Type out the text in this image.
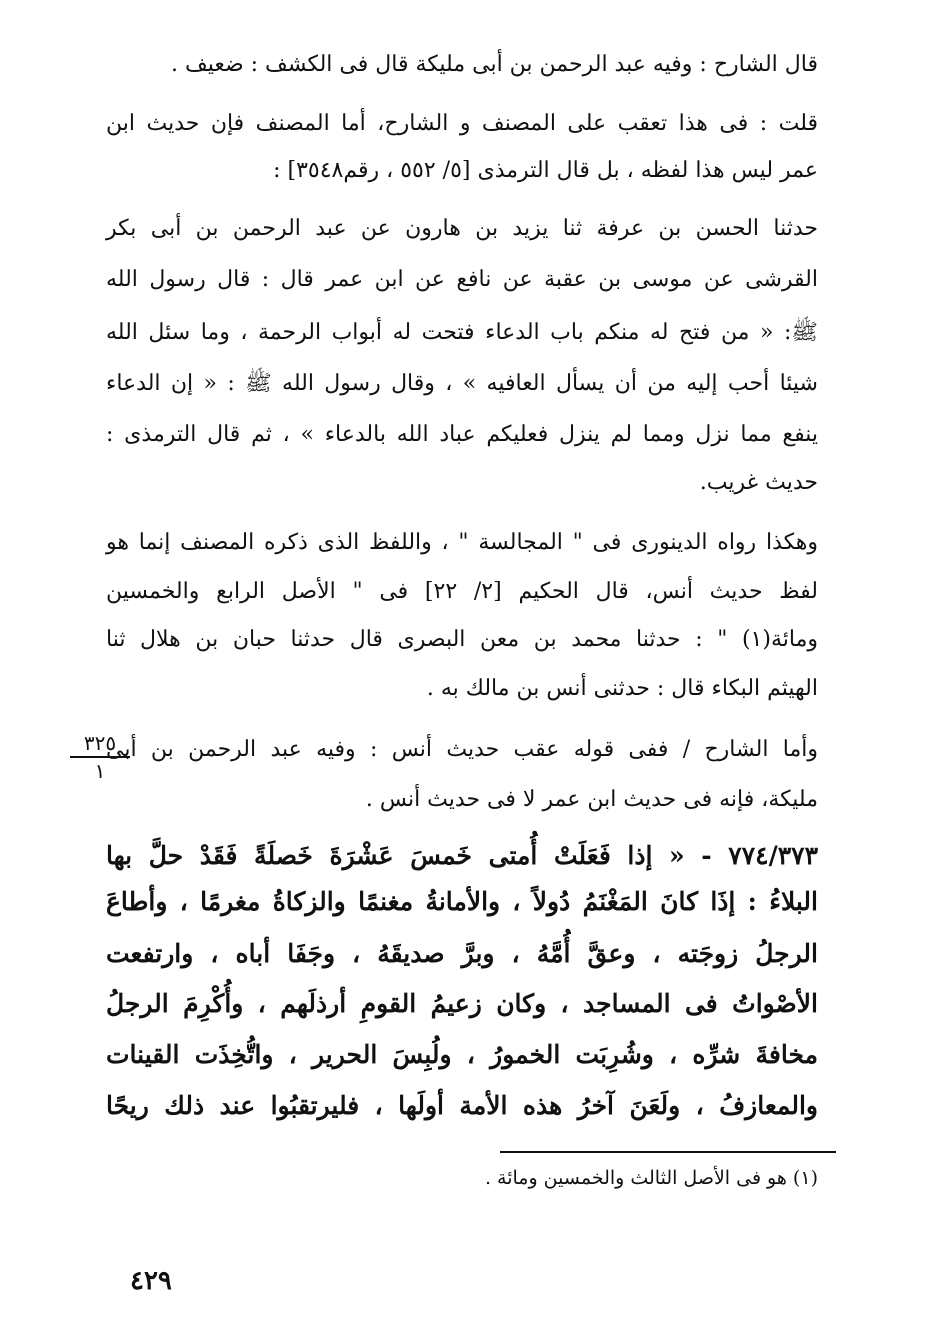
قال الشارح : وفيه عبد الرحمن بن أبى مليكة قال فى الكشف : ضعيف .
قلت : فى هذا تعقب على المصنف و الشارح، أما المصنف فإن حديث ابن
عمر ليس هذا لفظه ، بل قال الترمذى [٥/ ٥٥٢ ، رقم٣٥٤٨] :
حدثنا الحسن بن عرفة ثنا يزيد بن هارون عن عبد الرحمن بن أبى بكر
القرشى عن موسى بن عقبة عن نافع عن ابن عمر قال : قال رسول الله
ﷺ: « من فتح له منكم باب الدعاء فتحت له أبواب الرحمة ، وما سئل الله
شيئا أحب إليه من أن يسأل العافيه » ، وقال رسول الله ﷺ : « إن الدعاء
ينفع مما نزل ومما لم ينزل فعليكم عباد الله بالدعاء » ، ثم قال الترمذى :
حديث غريب.
وهكذا رواه الدينورى فى " المجالسة " ، واللفظ الذى ذكره المصنف إنما هو
لفظ حديث أنس، قال الحكيم [٢/ ٢٢] فى " الأصل الرابع والخمسين
ومائة(١) " : حدثنا محمد بن معن البصرى قال حدثنا حبان بن هلال ثنا
الهيثم البكاء قال : حدثنى أنس بن مالك به .
وأما الشارح / ففى قوله عقب حديث أنس : وفيه عبد الرحمن بن أبى
مليكة، فإنه فى حديث ابن عمر لا فى حديث أنس .
٣٢٥
١
٧٧٤/٣٧٣ - « إذا فَعَلَتْ أُمتى خَمسَ عَشْرَةَ خَصلَةً فَقَدْ حلَّ بها
البلاءُ : إذَا كانَ المَغْنَمُ دُولاً ، والأمانةُ مغنمًا والزكاةُ مغرمًا ، وأطاعَ
الرجلُ زوجَته ، وعقَّ أُمَّهُ ، وبرَّ صديقَهُ ، وجَفَا أباه ، وارتفعت
الأصْواتُ فى المساجد ، وكان زعيمُ القومِ أرذلَهم ، وأُكْرِمَ الرجلُ
مخافةَ شرِّه ، وشُرِبَت الخمورُ ، ولُبِسَ الحرير ، واتُّخِذَت القينات
والمعازفُ ، ولَعَنَ آخرُ هذه الأمة أولَها ، فليرتقبُوا عند ذلك ريحًا
(١) هو فى الأصل الثالث والخمسين ومائة .
٤٢٩
